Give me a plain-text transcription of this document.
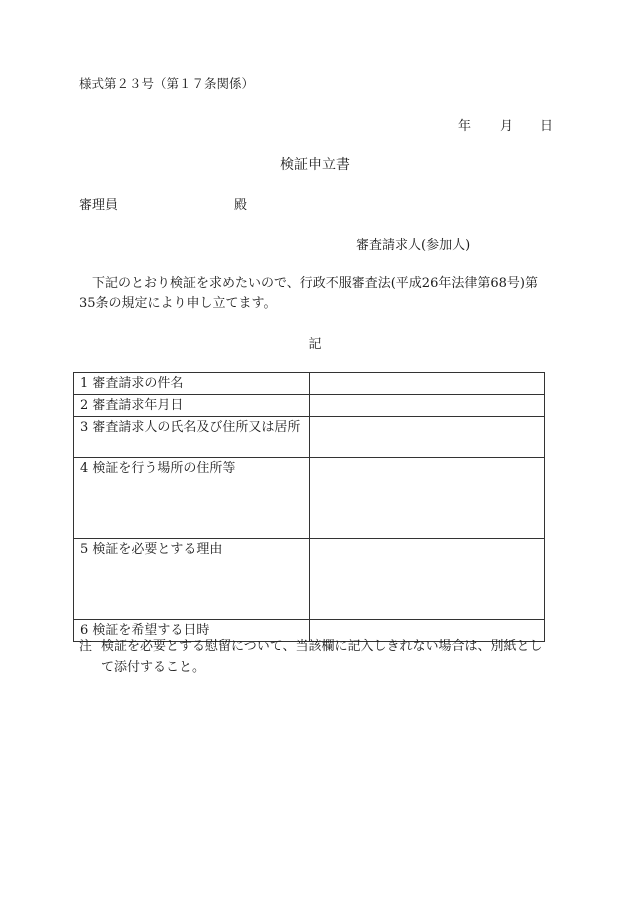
様式第２３号（第１７条関係）
年 月 日
検証申立書
審理員	殿
審査請求人(参加人)
下記のとおり検証を求めたいので、行政不服審査法(平成26年法律第68号)第35条の規定により申し立てます。
記
1 審査請求の件名	
2 審査請求年月日	
3 審査請求人の氏名及び住所又は居所	
4 検証を行う場所の住所等	
5 検証を必要とする理由	
6 検証を希望する日時	
注 検証を必要とする慰留について、当該欄に記入しきれない場合は、別紙として添付すること。
